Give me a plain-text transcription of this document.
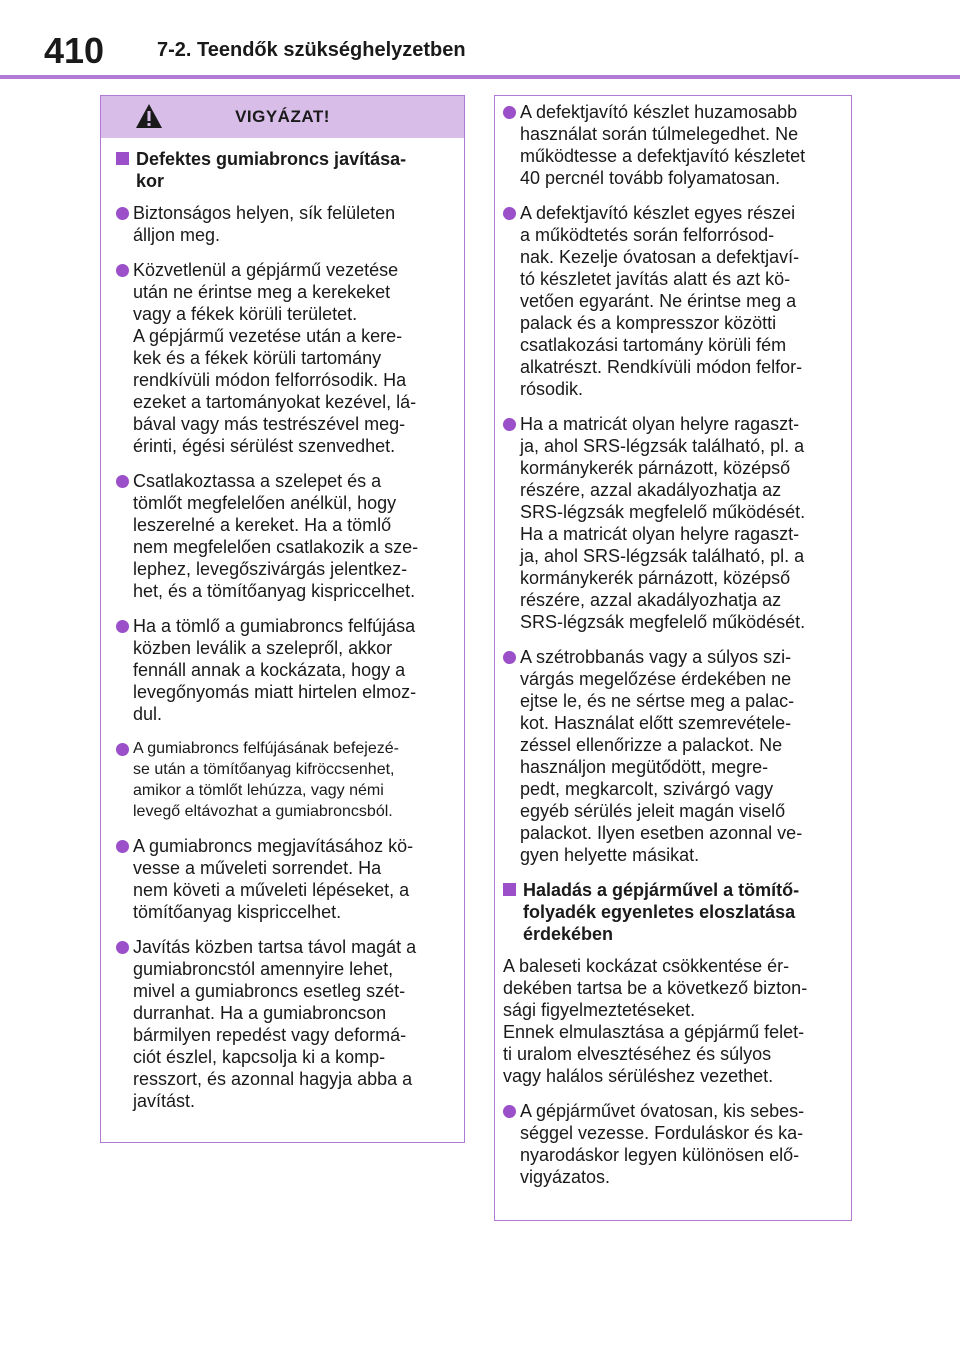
410	7-2. Teendők szükséghelyzetben
VIGYÁZAT!
Defektes gumiabroncs javítása-
kor
Biztonságos helyen, sík felületen
álljon meg.
Közvetlenül a gépjármű vezetése
után ne érintse meg a kerekeket
vagy a fékek körüli területet.
A gépjármű vezetése után a kere-
kek és a fékek körüli tartomány
rendkívüli módon felforrósodik. Ha
ezeket a tartományokat kezével, lá-
bával vagy más testrészével meg-
érinti, égési sérülést szenvedhet.
Csatlakoztassa a szelepet és a
tömlőt megfelelően anélkül, hogy
leszerelné a kereket. Ha a tömlő
nem megfelelően csatlakozik a sze-
lephez, levegőszivárgás jelentkez-
het, és a tömítőanyag kispriccelhet.
Ha a tömlő a gumiabroncs felfújása
közben leválik a szelepről, akkor
fennáll annak a kockázata, hogy a
levegőnyomás miatt hirtelen elmoz-
dul.
A gumiabroncs felfújásának befejezé-
se után a tömítőanyag kifröccsenhet,
amikor a tömlőt lehúzza, vagy némi
levegő eltávozhat a gumiabroncsból.
A gumiabroncs megjavításához kö-
vesse a műveleti sorrendet. Ha
nem követi a műveleti lépéseket, a
tömítőanyag kispriccelhet.
Javítás közben tartsa távol magát a
gumiabroncstól amennyire lehet,
mivel a gumiabroncs esetleg szét-
durranhat. Ha a gumiabroncson
bármilyen repedést vagy deformá-
ciót észlel, kapcsolja ki a komp-
resszort, és azonnal hagyja abba a
javítást.
A defektjavító készlet huzamosabb
használat során túlmelegedhet. Ne
működtesse a defektjavító készletet
40 percnél tovább folyamatosan.
A defektjavító készlet egyes részei
a működtetés során felforrósod-
nak. Kezelje óvatosan a defektjaví-
tó készletet javítás alatt és azt kö-
vetően egyaránt. Ne érintse meg a
palack és a kompresszor közötti
csatlakozási tartomány körüli fém
alkatrészt. Rendkívüli módon felfor-
rósodik.
Ha a matricát olyan helyre ragaszt-
ja, ahol SRS-légzsák található, pl. a
kormánykerék párnázott, középső
részére, azzal akadályozhatja az
SRS-légzsák megfelelő működését.
Ha a matricát olyan helyre ragaszt-
ja, ahol SRS-légzsák található, pl. a
kormánykerék párnázott, középső
részére, azzal akadályozhatja az
SRS-légzsák megfelelő működését.
A szétrobbanás vagy a súlyos szi-
várgás megelőzése érdekében ne
ejtse le, és ne sértse meg a palac-
kot. Használat előtt szemrevétele-
zéssel ellenőrizze a palackot. Ne
használjon megütődött, megre-
pedt, megkarcolt, szivárgó vagy
egyéb sérülés jeleit magán viselő
palackot. Ilyen esetben azonnal ve-
gyen helyette másikat.
Haladás a gépjárművel a tömítő-
folyadék egyenletes eloszlatása
érdekében
A baleseti kockázat csökkentése ér-
dekében tartsa be a következő bizton-
sági figyelmeztetéseket.
Ennek elmulasztása a gépjármű felet-
ti uralom elvesztéséhez és súlyos
vagy halálos sérüléshez vezethet.
A gépjárművet óvatosan, kis sebes-
séggel vezesse. Forduláskor és ka-
nyarodáskor legyen különösen elő-
vigyázatos.
